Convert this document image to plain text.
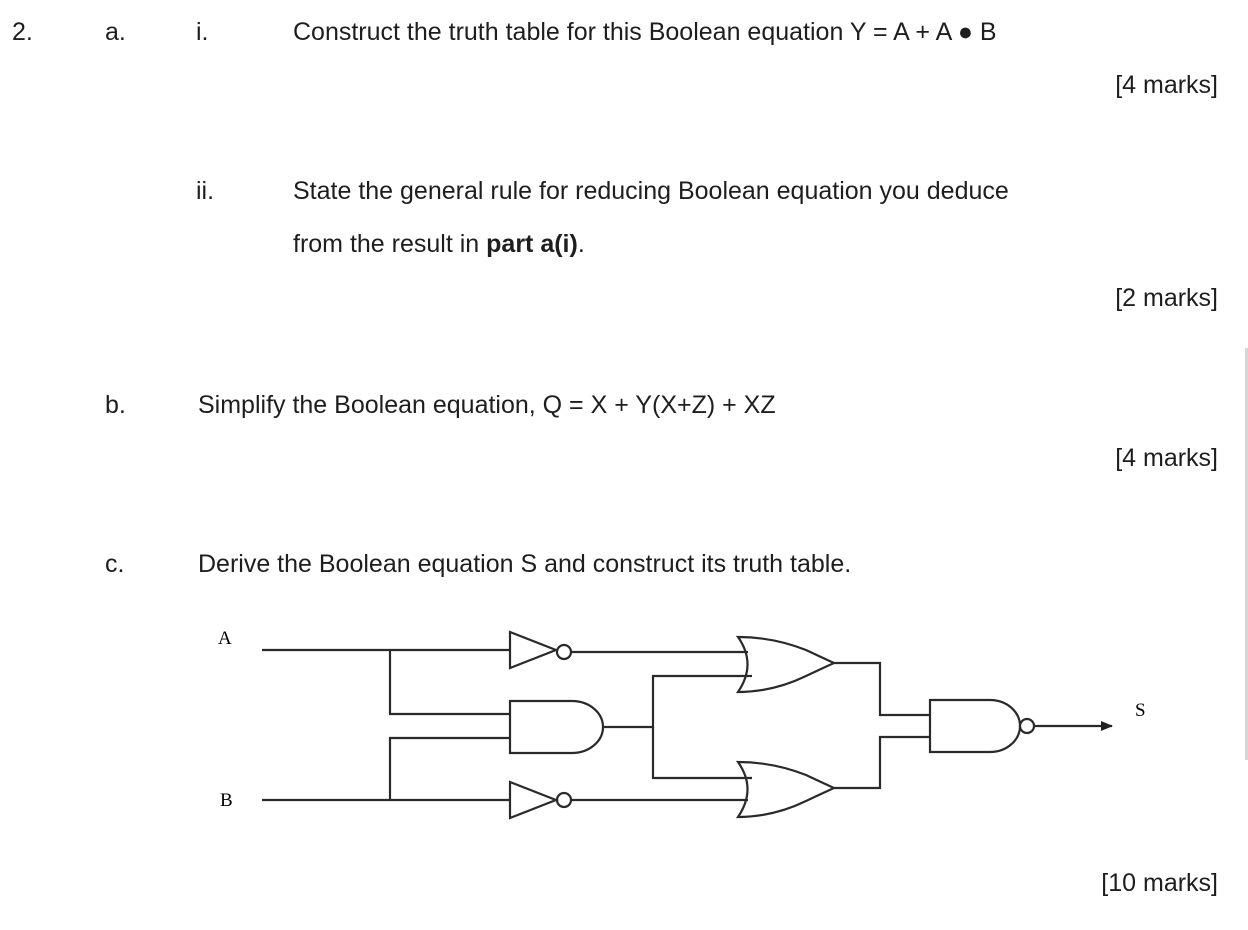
2.	a.	i.	Construct the truth table for this Boolean equation Y = A + A ● B
[4 marks]
ii.	State the general rule for reducing Boolean equation you deduce
from the result in part a(i).
[2 marks]
b.	Simplify the Boolean equation, Q = X + Y(X+Z) + XZ
[4 marks]
c.	Derive the Boolean equation S and construct its truth table.
A
B
S
[10 marks]
